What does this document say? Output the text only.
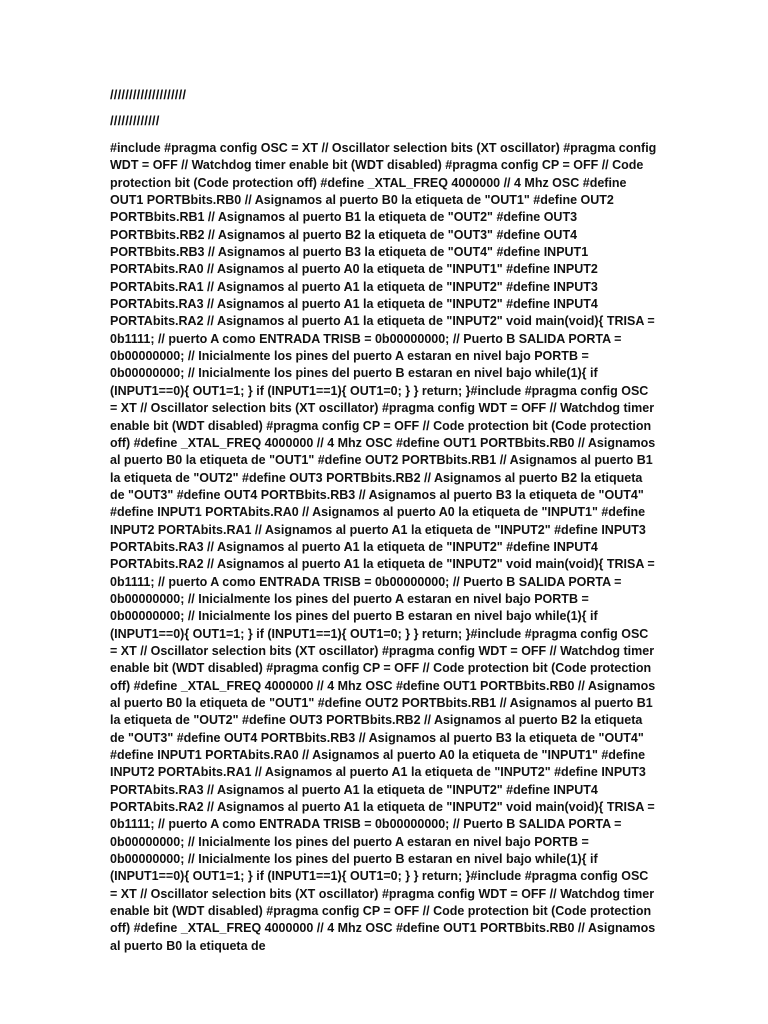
////////////////////
/////////////

#include #pragma config OSC = XT // Oscillator selection bits (XT oscillator) #pragma config WDT = OFF // Watchdog timer enable bit (WDT disabled) #pragma config CP = OFF // Code protection bit (Code protection off) #define _XTAL_FREQ 4000000 // 4 Mhz OSC #define OUT1 PORTBbits.RB0 // Asignamos al puerto B0 la etiqueta de "OUT1" #define OUT2 PORTBbits.RB1 // Asignamos al puerto B1 la etiqueta de "OUT2" #define OUT3 PORTBbits.RB2 // Asignamos al puerto B2 la etiqueta de "OUT3" #define OUT4 PORTBbits.RB3 // Asignamos al puerto B3 la etiqueta de "OUT4" #define INPUT1 PORTAbits.RA0 // Asignamos al puerto A0 la etiqueta de "INPUT1" #define INPUT2 PORTAbits.RA1 // Asignamos al puerto A1 la etiqueta de "INPUT2" #define INPUT3 PORTAbits.RA3 // Asignamos al puerto A1 la etiqueta de "INPUT2" #define INPUT4 PORTAbits.RA2 // Asignamos al puerto A1 la etiqueta de "INPUT2" void main(void){ TRISA = 0b1111; // puerto A como ENTRADA TRISB = 0b00000000; // Puerto B SALIDA PORTA = 0b00000000; // Inicialmente los pines del puerto A estaran en nivel bajo PORTB = 0b00000000; // Inicialmente los pines del puerto B estaran en nivel bajo while(1){ if (INPUT1==0){ OUT1=1; } if (INPUT1==1){ OUT1=0; } } return; }#include #pragma config OSC = XT // Oscillator selection bits (XT oscillator) #pragma config WDT = OFF // Watchdog timer enable bit (WDT disabled) #pragma config CP = OFF // Code protection bit (Code protection off) #define _XTAL_FREQ 4000000 // 4 Mhz OSC #define OUT1 PORTBbits.RB0 // Asignamos al puerto B0 la etiqueta de "OUT1" #define OUT2 PORTBbits.RB1 // Asignamos al puerto B1 la etiqueta de "OUT2" #define OUT3 PORTBbits.RB2 // Asignamos al puerto B2 la etiqueta de "OUT3" #define OUT4 PORTBbits.RB3 // Asignamos al puerto B3 la etiqueta de "OUT4" #define INPUT1 PORTAbits.RA0 // Asignamos al puerto A0 la etiqueta de "INPUT1" #define INPUT2 PORTAbits.RA1 // Asignamos al puerto A1 la etiqueta de "INPUT2" #define INPUT3 PORTAbits.RA3 // Asignamos al puerto A1 la etiqueta de "INPUT2" #define INPUT4 PORTAbits.RA2 // Asignamos al puerto A1 la etiqueta de "INPUT2" void main(void){ TRISA = 0b1111; // puerto A como ENTRADA TRISB = 0b00000000; // Puerto B SALIDA PORTA = 0b00000000; // Inicialmente los pines del puerto A estaran en nivel bajo PORTB = 0b00000000; // Inicialmente los pines del puerto B estaran en nivel bajo while(1){ if (INPUT1==0){ OUT1=1; } if (INPUT1==1){ OUT1=0; } } return; }#include #pragma config OSC = XT // Oscillator selection bits (XT oscillator) #pragma config WDT = OFF // Watchdog timer enable bit (WDT disabled) #pragma config CP = OFF // Code protection bit (Code protection off) #define _XTAL_FREQ 4000000 // 4 Mhz OSC #define OUT1 PORTBbits.RB0 // Asignamos al puerto B0 la etiqueta de "OUT1" #define OUT2 PORTBbits.RB1 // Asignamos al puerto B1 la etiqueta de "OUT2" #define OUT3 PORTBbits.RB2 // Asignamos al puerto B2 la etiqueta de "OUT3" #define OUT4 PORTBbits.RB3 // Asignamos al puerto B3 la etiqueta de "OUT4" #define INPUT1 PORTAbits.RA0 // Asignamos al puerto A0 la etiqueta de "INPUT1" #define INPUT2 PORTAbits.RA1 // Asignamos al puerto A1 la etiqueta de "INPUT2" #define INPUT3 PORTAbits.RA3 // Asignamos al puerto A1 la etiqueta de "INPUT2" #define INPUT4 PORTAbits.RA2 // Asignamos al puerto A1 la etiqueta de "INPUT2" void main(void){ TRISA = 0b1111; // puerto A como ENTRADA TRISB = 0b00000000; // Puerto B SALIDA PORTA = 0b00000000; // Inicialmente los pines del puerto A estaran en nivel bajo PORTB = 0b00000000; // Inicialmente los pines del puerto B estaran en nivel bajo while(1){ if (INPUT1==0){ OUT1=1; } if (INPUT1==1){ OUT1=0; } } return; }#include #pragma config OSC = XT // Oscillator selection bits (XT oscillator) #pragma config WDT = OFF // Watchdog timer enable bit (WDT disabled) #pragma config CP = OFF // Code protection bit (Code protection off) #define _XTAL_FREQ 4000000 // 4 Mhz OSC #define OUT1 PORTBbits.RB0 // Asignamos al puerto B0 la etiqueta de
